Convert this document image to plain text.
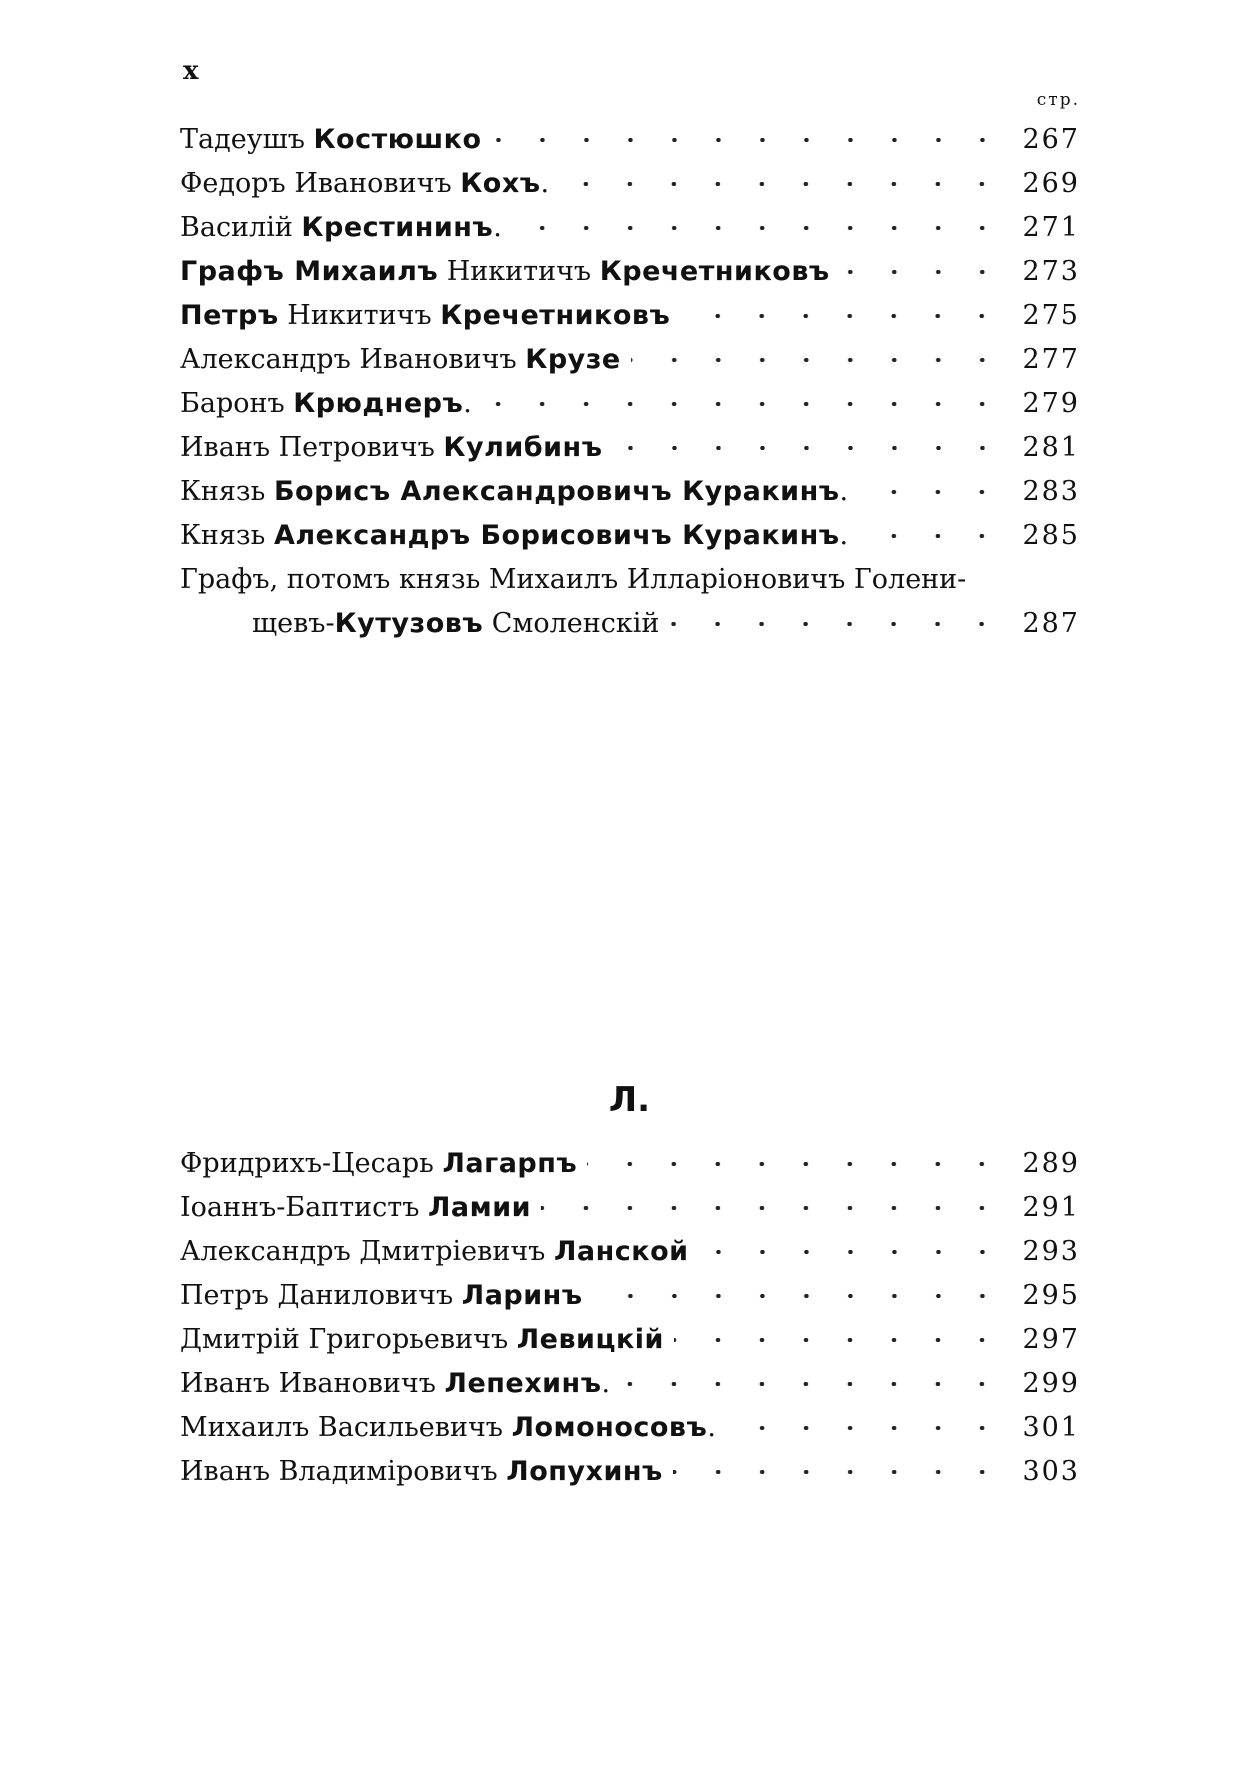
x
стр.
Тадеушъ Костюшко	267
Федоръ Ивановичъ Кохъ.	269
Василій Крестининъ.	271
Графъ Михаилъ Никитичъ Кречетниковъ	273
Петръ Никитичъ Кречетниковъ	275
Александръ Ивановичъ Крузе	277
Баронъ Крюднеръ.	279
Иванъ Петровичъ Кулибинъ	281
Князь Борисъ Александровичъ Куракинъ.	283
Князь Александръ Борисовичъ Куракинъ.	285
Графъ, потомъ князь Михаилъ Илларіоновичъ Голени-
щевъ-Кутузовъ Смоленскій	287
Л.
Фридрихъ-Цесарь Лагарпъ	289
Іоаннъ-Баптистъ Ламии	291
Александръ Дмитріевичъ Ланской	293
Петръ Даниловичъ Ларинъ	295
Дмитрій Григорьевичъ Левицкій	297
Иванъ Ивановичъ Лепехинъ.	299
Михаилъ Васильевичъ Ломоносовъ.	301
Иванъ Владиміровичъ Лопухинъ	303
